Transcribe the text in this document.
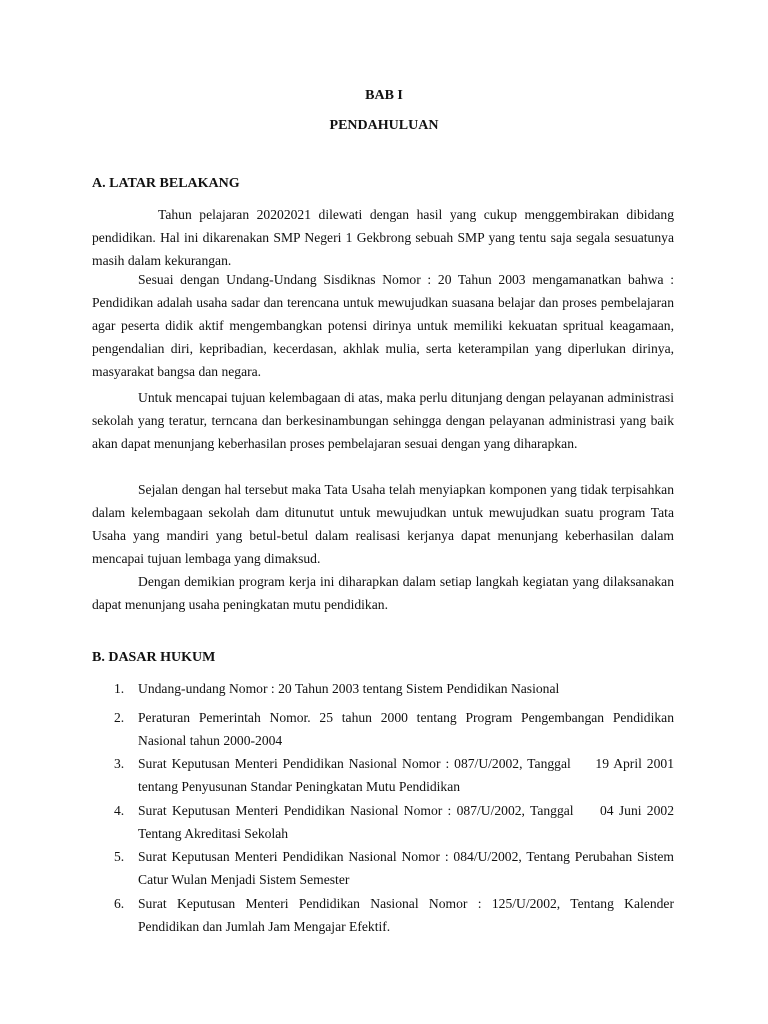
BAB I
PENDAHULUAN
A. LATAR BELAKANG

Tahun pelajaran 20202021 dilewati dengan hasil yang cukup menggembirakan dibidang pendidikan. Hal ini dikarenakan SMP Negeri 1 Gekbrong sebuah SMP yang tentu saja segala sesuatunya masih dalam kekurangan.

Sesuai dengan Undang-Undang Sisdiknas Nomor : 20 Tahun 2003 mengamanatkan bahwa : Pendidikan adalah usaha sadar dan terencana untuk mewujudkan suasana belajar dan proses pembelajaran agar peserta didik aktif mengembangkan potensi dirinya untuk memiliki kekuatan spritual keagamaan, pengendalian diri, kepribadian, kecerdasan, akhlak mulia, serta keterampilan yang diperlukan dirinya, masyarakat bangsa dan negara.

Untuk mencapai tujuan kelembagaan di atas, maka perlu ditunjang dengan pelayanan administrasi sekolah yang teratur, terncana dan berkesinambungan sehingga dengan pelayanan administrasi yang baik akan dapat menunjang keberhasilan proses pembelajaran sesuai dengan yang diharapkan.

Sejalan dengan hal tersebut maka Tata Usaha telah menyiapkan komponen yang tidak terpisahkan dalam kelembagaan sekolah dam ditunutut untuk mewujudkan untuk mewujudkan suatu program Tata Usaha yang mandiri yang betul-betul dalam realisasi kerjanya dapat menunjang keberhasilan dalam mencapai tujuan lembaga yang dimaksud.

Dengan demikian program kerja ini diharapkan dalam setiap langkah kegiatan yang dilaksanakan dapat menunjang usaha peningkatan mutu pendidikan.

B. DASAR HUKUM
1. Undang-undang Nomor : 20 Tahun 2003 tentang Sistem Pendidikan Nasional
2. Peraturan Pemerintah Nomor. 25 tahun 2000 tentang Program Pengembangan Pendidikan Nasional tahun 2000-2004
3. Surat Keputusan Menteri Pendidikan Nasional Nomor : 087/U/2002, Tanggal     19 April 2001 tentang Penyusunan Standar Peningkatan Mutu Pendidikan
4. Surat Keputusan Menteri Pendidikan Nasional Nomor : 087/U/2002, Tanggal     04 Juni 2002 Tentang Akreditasi Sekolah
5. Surat Keputusan Menteri Pendidikan Nasional Nomor : 084/U/2002, Tentang Perubahan Sistem Catur Wulan Menjadi Sistem Semester
6. Surat Keputusan Menteri Pendidikan Nasional Nomor : 125/U/2002, Tentang Kalender Pendidikan dan Jumlah Jam Mengajar Efektif.
